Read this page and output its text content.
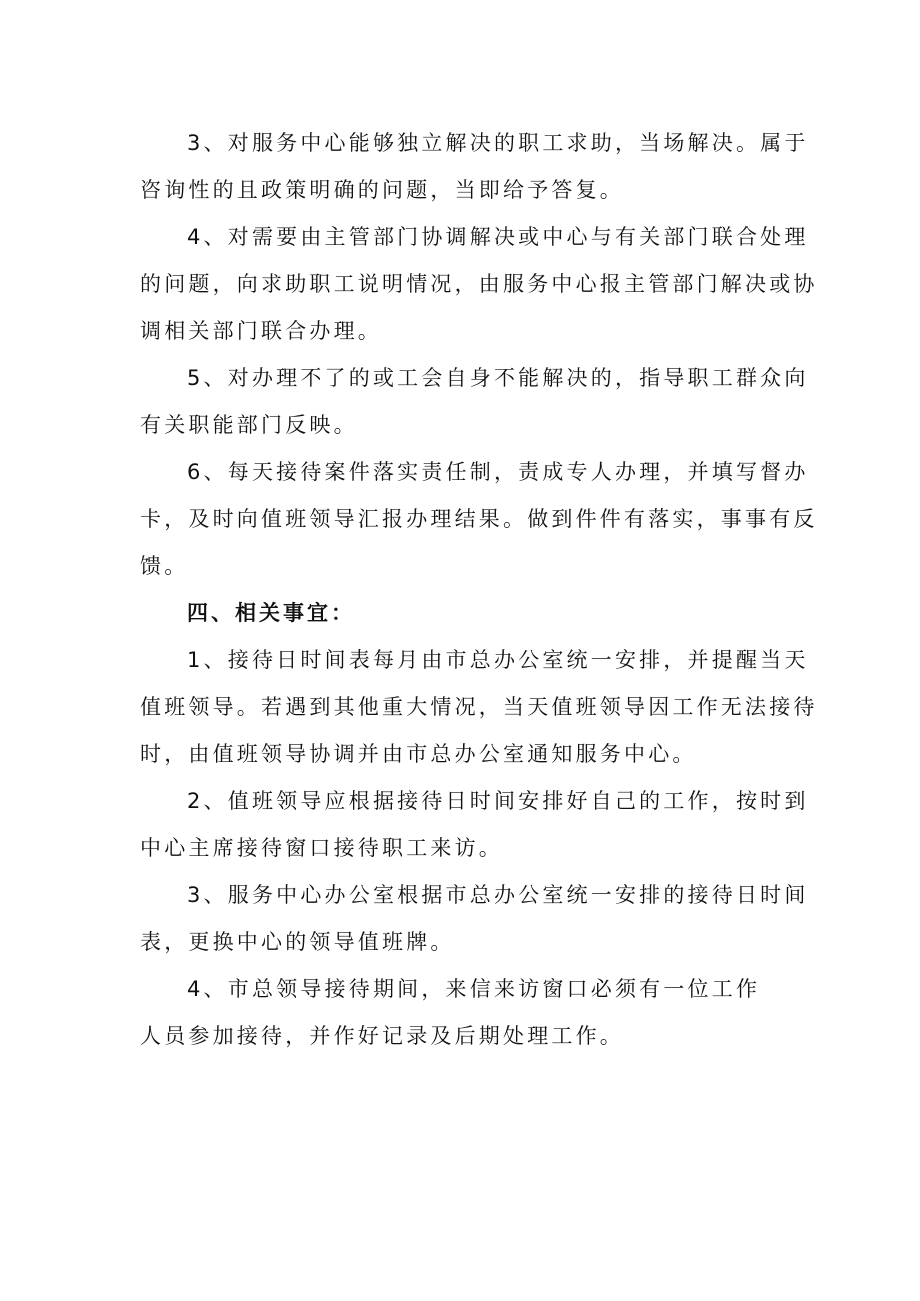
3、对服务中心能够独立解决的职工求助，当场解决。属于
咨询性的且政策明确的问题，当即给予答复。
4、对需要由主管部门协调解决或中心与有关部门联合处理
的问题，向求助职工说明情况，由服务中心报主管部门解决或协
调相关部门联合办理。
5、对办理不了的或工会自身不能解决的，指导职工群众向
有关职能部门反映。
6、每天接待案件落实责任制，责成专人办理，并填写督办
卡，及时向值班领导汇报办理结果。做到件件有落实，事事有反
馈。
四、相关事宜：
1、接待日时间表每月由市总办公室统一安排，并提醒当天
值班领导。若遇到其他重大情况，当天值班领导因工作无法接待
时，由值班领导协调并由市总办公室通知服务中心。
2、值班领导应根据接待日时间安排好自己的工作，按时到
中心主席接待窗口接待职工来访。
3、服务中心办公室根据市总办公室统一安排的接待日时间
表，更换中心的领导值班牌。
4、市总领导接待期间，来信来访窗口必须有一位工作
人员参加接待，并作好记录及后期处理工作。
